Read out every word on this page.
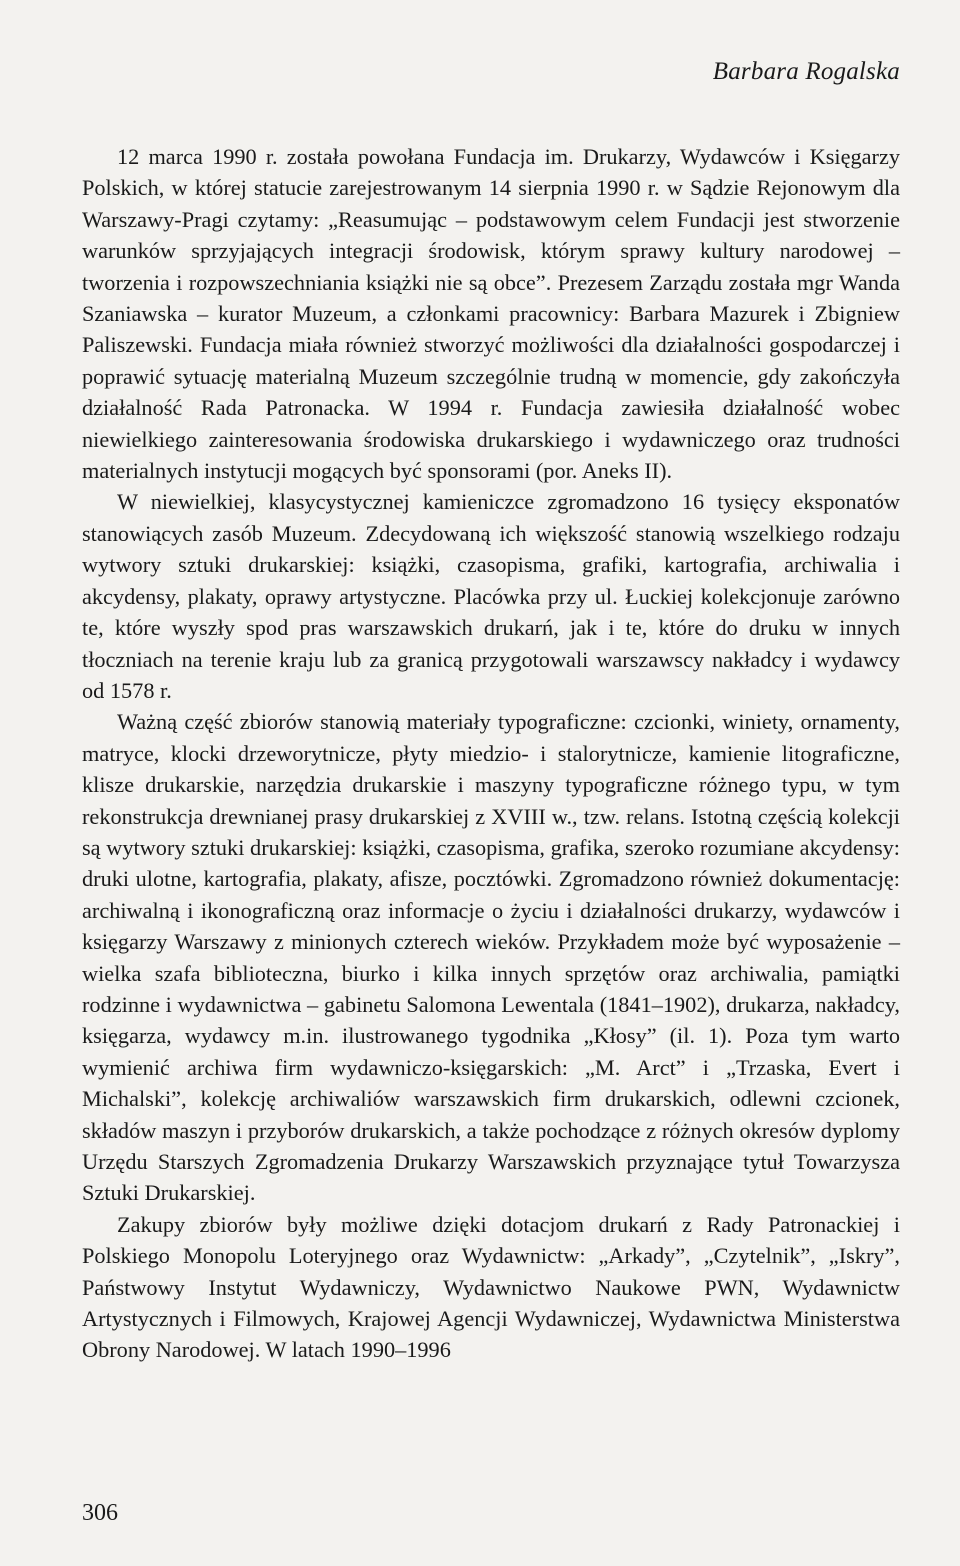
Barbara Rogalska

12 marca 1990 r. została powołana Fundacja im. Drukarzy, Wydawców i Księgarzy Polskich, w której statucie zarejestrowanym 14 sierpnia 1990 r. w Sądzie Rejonowym dla Warszawy-Pragi czytamy: „Reasumując – podstawowym celem Fundacji jest stworzenie warunków sprzyjających integracji środowisk, którym sprawy kultury narodowej – tworzenia i rozpowszechniania książki nie są obce”. Prezesem Zarządu została mgr Wanda Szaniawska – kurator Muzeum, a członkami pracownicy: Barbara Mazurek i Zbigniew Paliszewski. Fundacja miała również stworzyć możliwości dla działalności gospodarczej i poprawić sytuację materialną Muzeum szczególnie trudną w momencie, gdy zakończyła działalność Rada Patronacka. W 1994 r. Fundacja zawiesiła działalność wobec niewielkiego zainteresowania środowiska drukarskiego i wydawniczego oraz trudności materialnych instytucji mogących być sponsorami (por. Aneks II).

W niewielkiej, klasycystycznej kamieniczce zgromadzono 16 tysięcy eksponatów stanowiących zasób Muzeum. Zdecydowaną ich większość stanowią wszelkiego rodzaju wytwory sztuki drukarskiej: książki, czasopisma, grafiki, kartografia, archiwalia i akcydensy, plakaty, oprawy artystyczne. Placówka przy ul. Łuckiej kolekcjonuje zarówno te, które wyszły spod pras warszawskich drukarń, jak i te, które do druku w innych tłoczniach na terenie kraju lub za granicą przygotowali warszawscy nakładcy i wydawcy od 1578 r.

Ważną część zbiorów stanowią materiały typograficzne: czcionki, winiety, ornamenty, matryce, klocki drzeworytnicze, płyty miedzio- i stalorytnicze, kamienie litograficzne, klisze drukarskie, narzędzia drukarskie i maszyny typograficzne różnego typu, w tym rekonstrukcja drewnianej prasy drukarskiej z XVIII w., tzw. relans. Istotną częścią kolekcji są wytwory sztuki drukarskiej: książki, czasopisma, grafika, szeroko rozumiane akcydensy: druki ulotne, kartografia, plakaty, afisze, pocztówki. Zgromadzono również dokumentację: archiwalną i ikonograficzną oraz informacje o życiu i działalności drukarzy, wydawców i księgarzy Warszawy z minionych czterech wieków. Przykładem może być wyposażenie – wielka szafa biblioteczna, biurko i kilka innych sprzętów oraz archiwalia, pamiątki rodzinne i wydawnictwa – gabinetu Salomona Lewentala (1841–1902), drukarza, nakładcy, księgarza, wydawcy m.in. ilustrowanego tygodnika „Kłosy” (il. 1). Poza tym warto wymienić archiwa firm wydawniczo-księgarskich: „M. Arct” i „Trzaska, Evert i Michalski”, kolekcję archiwaliów warszawskich firm drukarskich, odlewni czcionek, składów maszyn i przyborów drukarskich, a także pochodzące z różnych okresów dyplomy Urzędu Starszych Zgromadzenia Drukarzy Warszawskich przyznające tytuł Towarzysza Sztuki Drukarskiej.

Zakupy zbiorów były możliwe dzięki dotacjom drukarń z Rady Patronackiej i Polskiego Monopolu Loteryjnego oraz Wydawnictw: „Arkady”, „Czytelnik”, „Iskry”, Państwowy Instytut Wydawniczy, Wydawnictwo Naukowe PWN, Wydawnictw Artystycznych i Filmowych, Krajowej Agencji Wydawniczej, Wydawnictwa Ministerstwa Obrony Narodowej. W latach 1990–1996

306
